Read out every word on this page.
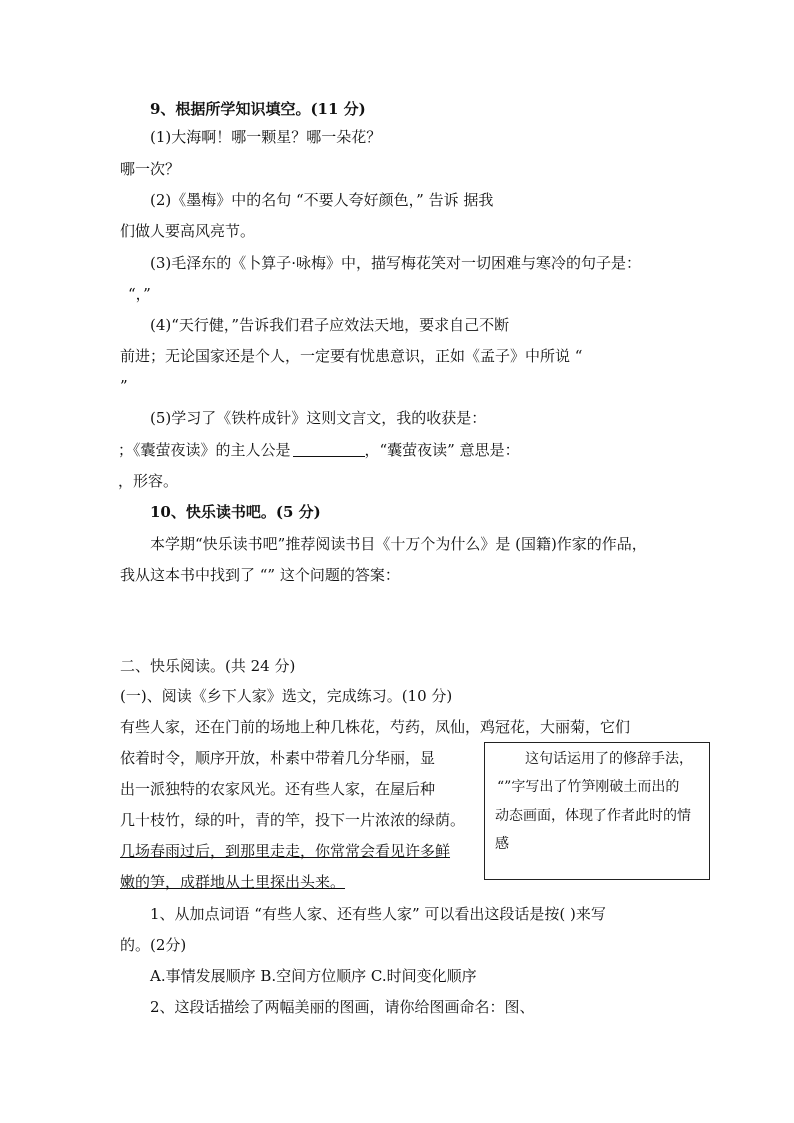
9、根据所学知识填空。(11 分)
(1)大海啊！哪一颗星？哪一朵花？
哪一次？
(2)《墨梅》中的名句 “不要人夸好颜色，” 告诉 据我
们做人要高风亮节。
(3)毛泽东的《卜算子·咏梅》中，描写梅花笑对一切困难与寒冷的句子是：
“，”
(4)“天行健，”告诉我们君子应效法天地，要求自己不断
前进；无论国家还是个人，一定要有忧患意识，正如《孟子》中所说 “
”
(5)学习了《铁杵成针》这则文言文，我的收获是：
；《囊萤夜读》的主人公是	，“囊萤夜读” 意思是：
，形容。
10、快乐读书吧。(5 分)
本学期“快乐读书吧”推荐阅读书目《十万个为什么》是 (国籍)作家的作品，
我从这本书中找到了 “” 这个问题的答案：
二、快乐阅读。(共 24 分)
(一)、阅读《乡下人家》选文，完成练习。(10 分)
有些人家，还在门前的场地上种几株花，芍药，凤仙，鸡冠花，大丽菊，它们
依着时令，顺序开放，朴素中带着几分华丽，显
出一派独特的农家风光。还有些人家，在屋后种
几十枝竹，绿的叶，青的竿，投下一片浓浓的绿荫。
几场春雨过后，到那里走走，你常常会看见许多鲜
嫩的笋，成群地从土里探出头来。
这句话运用了的修辞手法，
“”字写出了竹笋刚破土而出的
动态画面，体现了作者此时的情
感
1、从加点词语 “有些人家、还有些人家” 可以看出这段话是按( )来写
的。(2分)
A.事情发展顺序 B.空间方位顺序 C.时间变化顺序
2、这段话描绘了两幅美丽的图画，请你给图画命名：图、
